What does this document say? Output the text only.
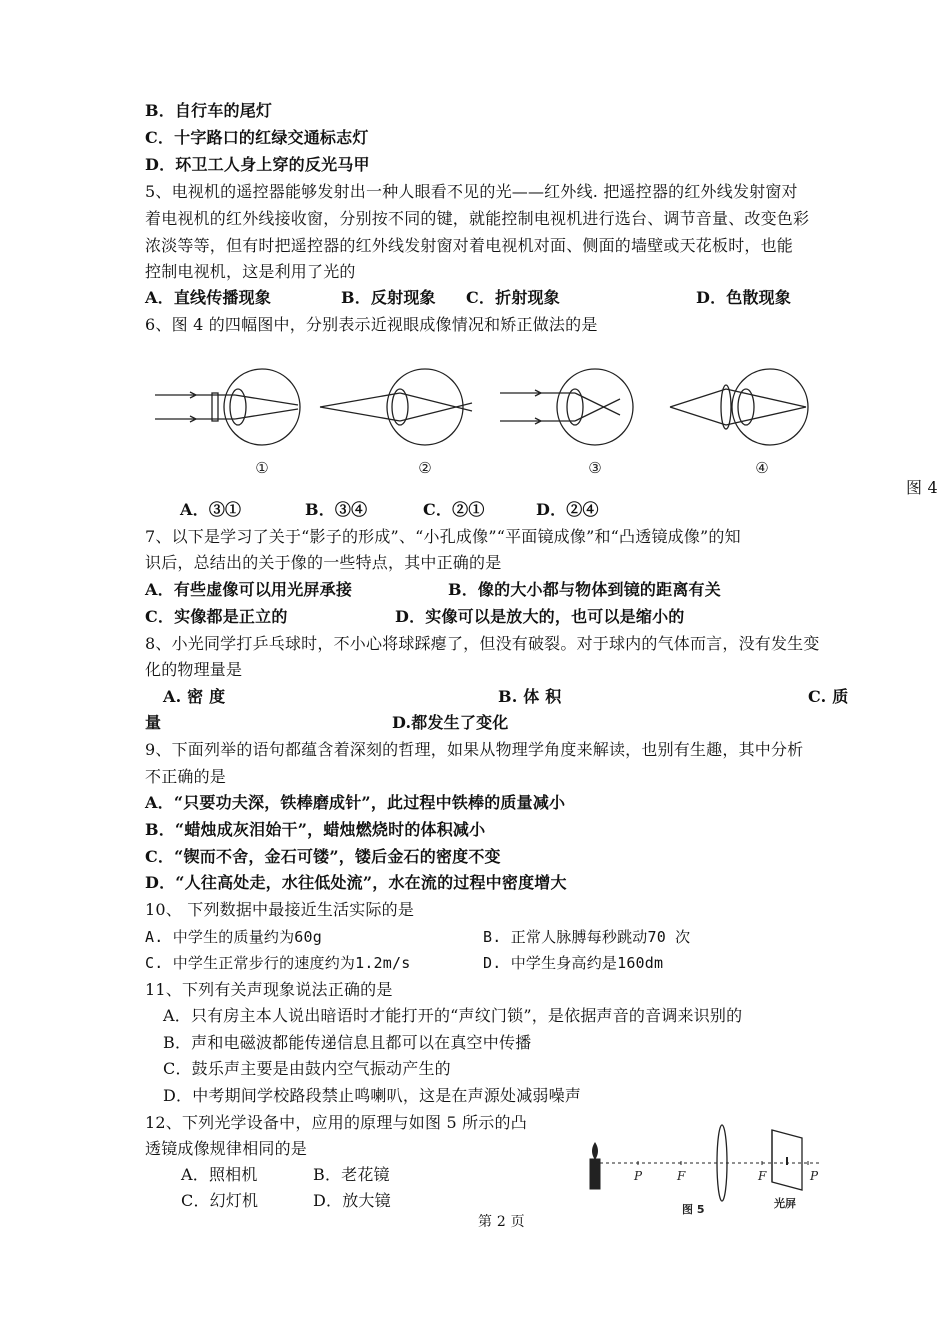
B．自行车的尾灯
C．十字路口的红绿交通标志灯
D．环卫工人身上穿的反光马甲
5、电视机的遥控器能够发射出一种人眼看不见的光——红外线. 把遥控器的红外线发射窗对
着电视机的红外线接收窗，分别按不同的键，就能控制电视机进行选台、调节音量、改变色彩
浓淡等等，但有时把遥控器的红外线发射窗对着电视机对面、侧面的墙壁或天花板时，也能
控制电视机，这是利用了光的
A．直线传播现象	B．反射现象 C．折射现象	D．色散现象
6、图 4 的四幅图中，分别表示近视眼成像情况和矫正做法的是
①	②	③	④
图 4
A．③①	B．③④	C．②①	D．②④
7、以下是学习了关于“影子的形成”、“小孔成像”“平面镜成像”和“凸透镜成像”的知
识后，总结出的关于像的一些特点，其中正确的是
A．有些虚像可以用光屏承接	B．像的大小都与物体到镜的距离有关
C．实像都是正立的	D．实像可以是放大的，也可以是缩小的
8、小光同学打乒乓球时，不小心将球踩瘪了，但没有破裂。对于球内的气体而言，没有发生变
化的物理量是
A. 密 度	B. 体 积	C. 质
量	D.都发生了变化
9、下面列举的语句都蕴含着深刻的哲理，如果从物理学角度来解读，也别有生趣，其中分析
不正确的是
A．“只要功夫深，铁棒磨成针”，此过程中铁棒的质量减小
B．“蜡烛成灰泪始干”，蜡烛燃烧时的体积减小
C．“锲而不舍，金石可镂”，镂后金石的密度不变
D．“人往高处走，水往低处流”，水在流的过程中密度增大
10、 下列数据中最接近生活实际的是
A. 中学生的质量约为60g	B. 正常人脉膊每秒跳动70 次
C. 中学生正常步行的速度约为1.2m/s	D. 中学生身高约是160dm
11、下列有关声现象说法正确的是
A．只有房主本人说出暗语时才能打开的“声纹门锁”，是依据声音的音调来识别的
B．声和电磁波都能传递信息且都可以在真空中传播
C．鼓乐声主要是由鼓内空气振动产生的
D．中考期间学校路段禁止鸣喇叭，这是在声源处减弱噪声
12、下列光学设备中，应用的原理与如图 5 所示的凸
透镜成像规律相同的是
A．照相机	B．老花镜
C．幻灯机	D．放大镜
P	F	F	P
光屏
图 5
第 2 页
